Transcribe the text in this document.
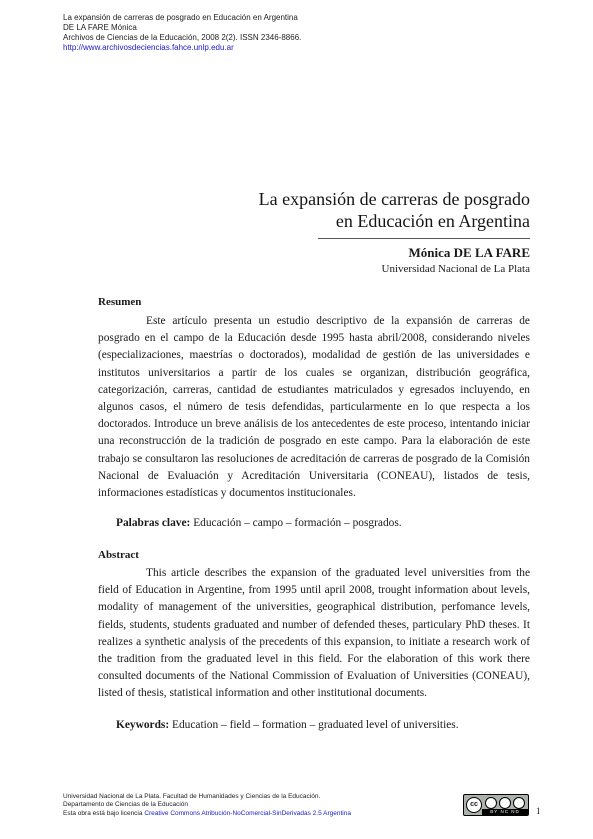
La expansión de carreras de posgrado en Educación en Argentina
DE LA FARE Mónica
Archivos de Ciencias de la Educación, 2008 2(2). ISSN 2346-8866.
http://www.archivosdeciencias.fahce.unlp.edu.ar
La expansión de carreras de posgrado
en Educación en Argentina
Mónica DE LA FARE
Universidad Nacional de La Plata
Resumen

Este artículo presenta un estudio descriptivo de la expansión de carreras de posgrado en el campo de la Educación desde 1995 hasta abril/2008, considerando niveles (especializaciones, maestrías o doctorados), modalidad de gestión de las universidades e institutos universitarios a partir de los cuales se organizan, distribución geográfica, categorización, carreras, cantidad de estudiantes matriculados y egresados incluyendo, en algunos casos, el número de tesis defendidas, particularmente en lo que respecta a los doctorados. Introduce un breve análisis de los antecedentes de este proceso, intentando iniciar una reconstrucción de la tradición de posgrado en este campo. Para la elaboración de este trabajo se consultaron las resoluciones de acreditación de carreras de posgrado de la Comisión Nacional de Evaluación y Acreditación Universitaria (CONEAU), listados de tesis, informaciones estadísticas y documentos institucionales.

Palabras clave: Educación – campo – formación – posgrados.
Abstract

This article describes the expansion of the graduated level universities from the field of Education in Argentine, from 1995 until april 2008, trought information about levels, modality of management of the universities, geographical distribution, perfomance levels, fields, students, students graduated and number of defended theses, particulary PhD theses. It realizes a synthetic analysis of the precedents of this expansion, to initiate a research work of the tradition from the graduated level in this field. For the elaboration of this work there consulted documents of the National Commission of Evaluation of Universities (CONEAU), listed of thesis, statistical information and other institutional documents.

Keywords: Education – field – formation – graduated level of universities.
Universidad Nacional de La Plata. Facultad de Humanidades y Ciencias de la Educación.
Departamento de Ciencias de la Educación
Esta obra está bajo licencia Creative Commons Atribución-NoComercial-SinDerivadas 2.5 Argentina
cc
BY NC ND	1
